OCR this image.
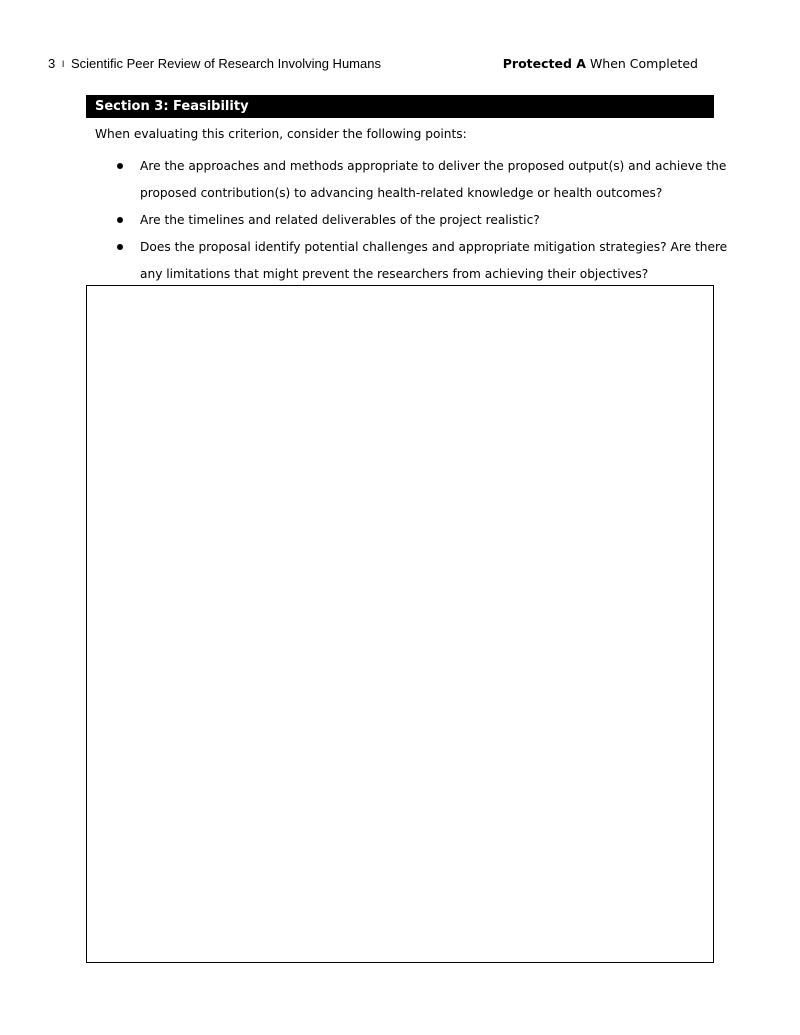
3 I Scientific Peer Review of Research Involving Humans	Protected A When Completed
Section 3: Feasibility

When evaluating this criterion, consider the following points:

Are the approaches and methods appropriate to deliver the proposed output(s) and achieve the
proposed contribution(s) to advancing health-related knowledge or health outcomes?
Are the timelines and related deliverables of the project realistic?
Does the proposal identify potential challenges and appropriate mitigation strategies? Are there
any limitations that might prevent the researchers from achieving their objectives?
